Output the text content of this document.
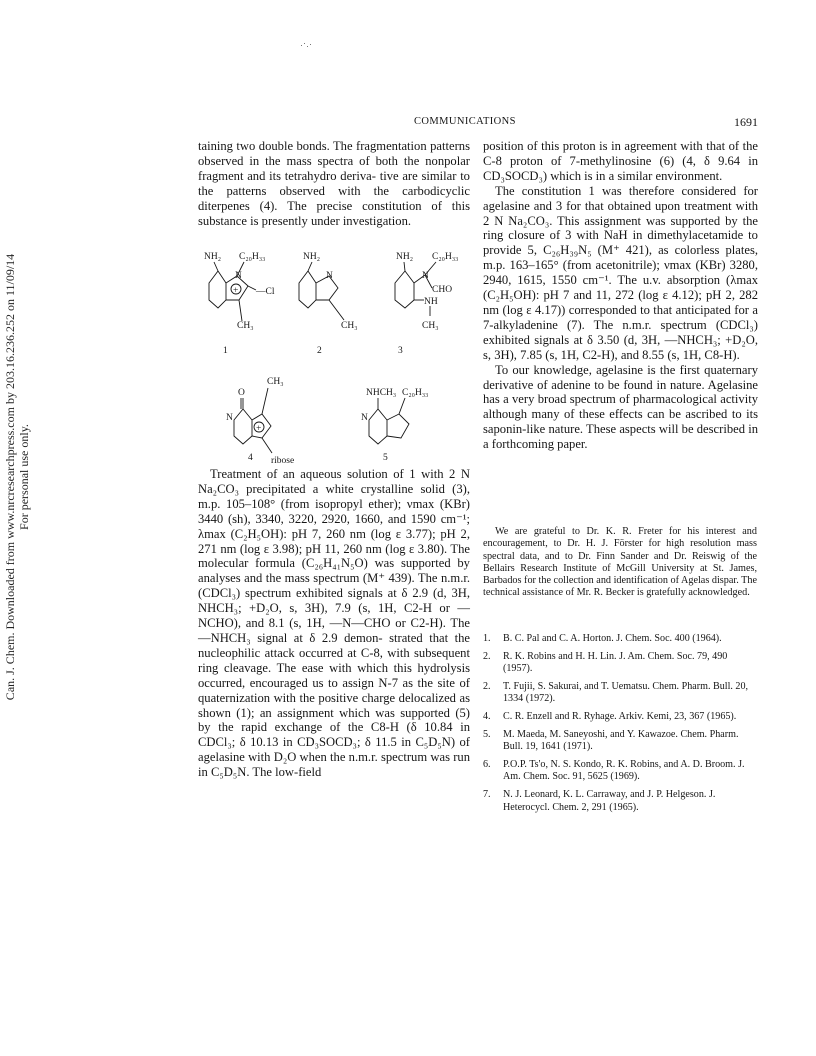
COMMUNICATIONS	1691
Can. J. Chem. Downloaded from www.nrcresearchpress.com by 203.16.236.252 on 11/09/14 For personal use only.

taining two double bonds. The fragmentation patterns observed in the mass spectra of both the nonpolar fragment and its tetrahydro deriva- tive are similar to the patterns observed with the carbodicyclic diterpenes (4). The precise constitution of this substance is presently under investigation.

NH₂ C₂₀H₃₃
N
+ —Cl
CH₃
1
NH₂
N
CH₃
2
NH₂ C₂₀H₃₃
N
CHO
NH
CH₃
3
O
CH₃
N
+
ribose
4
NHCH₃ C₂₀H₃₃
N
5

Treatment of an aqueous solution of 1 with 2 N Na₂CO₃ precipitated a white crystalline solid (3), m.p. 105–108° (from isopropyl ether); νmax (KBr) 3440 (sh), 3340, 3220, 2920, 1660, and 1590 cm⁻¹; λmax (C₂H₅OH): pH 7, 260 nm (log ε 3.77); pH 2, 271 nm (log ε 3.98); pH 11, 260 nm (log ε 3.80). The molecular formula (C₂₆H₄₁N₅O) was supported by analyses and the mass spectrum (M⁺ 439). The n.m.r. (CDCl₃) spectrum exhibited signals at δ 2.9 (d, 3H, NHCH₃; +D₂O, s, 3H), 7.9 (s, 1H, C2-H or —NCHO), and 8.1 (s, 1H, —N—CHO or C2-H). The —NHCH₃ signal at δ 2.9 demon- strated that the nucleophilic attack occurred at C-8, with subsequent ring cleavage. The ease with which this hydrolysis occurred, encouraged us to assign N-7 as the site of quaternization with the positive charge delocalized as shown (1); an assignment which was supported (5) by the rapid exchange of the C8-H (δ 10.84 in CDCl₃; δ 10.13 in CD₃SOCD₃; δ 11.5 in C₅D₅N) of agelasine with D₂O when the n.m.r. spectrum was run in C₅D₅N. The low-field

position of this proton is in agreement with that of the C-8 proton of 7-methylinosine (6) (4, δ 9.64 in CD₃SOCD₃) which is in a similar environment.

The constitution 1 was therefore considered for agelasine and 3 for that obtained upon treatment with 2 N Na₂CO₃. This assignment was supported by the ring closure of 3 with NaH in dimethylacetamide to provide 5, C₂₆H₃₉N₅ (M⁺ 421), as colorless plates, m.p. 163–165° (from acetonitrile); νmax (KBr) 3280, 2940, 1615, 1550 cm⁻¹. The u.v. absorption (λmax (C₂H₅OH): pH 7 and 11, 272 (log ε 4.12); pH 2, 282 nm (log ε 4.17)) corresponded to that anticipated for a 7-alkyladenine (7). The n.m.r. spectrum (CDCl₃) exhibited signals at δ 3.50 (d, 3H, —NHCH₃; +D₂O, s, 3H), 7.85 (s, 1H, C2-H), and 8.55 (s, 1H, C8-H).

To our knowledge, agelasine is the first quaternary derivative of adenine to be found in nature. Agelasine has a very broad spectrum of pharmacological activity although many of these effects can be ascribed to its saponin-like nature. These aspects will be described in a forthcoming paper.

We are grateful to Dr. K. R. Freter for his interest and encouragement, to Dr. H. J. Förster for high resolution mass spectral data, and to Dr. Finn Sander and Dr. Reiswig of the Bellairs Research Institute of McGill University at St. James, Barbados for the collection and identification of Agelas dispar. The technical assistance of Mr. R. Becker is gratefully acknowledged.
1.	B. C. Pal and C. A. Horton. J. Chem. Soc. 400 (1964).
2.	R. K. Robins and H. H. Lin. J. Am. Chem. Soc. 79, 490 (1957).
2.	T. Fujii, S. Sakurai, and T. Uematsu. Chem. Pharm. Bull. 20, 1334 (1972).
4.	C. R. Enzell and R. Ryhage. Arkiv. Kemi, 23, 367 (1965).
5.	M. Maeda, M. Saneyoshi, and Y. Kawazoe. Chem. Pharm. Bull. 19, 1641 (1971).
6.	P.O.P. Ts'o, N. S. Kondo, R. K. Robins, and A. D. Broom. J. Am. Chem. Soc. 91, 5625 (1969).
7.	N. J. Leonard, K. L. Carraway, and J. P. Helgeson. J. Heterocycl. Chem. 2, 291 (1965).
